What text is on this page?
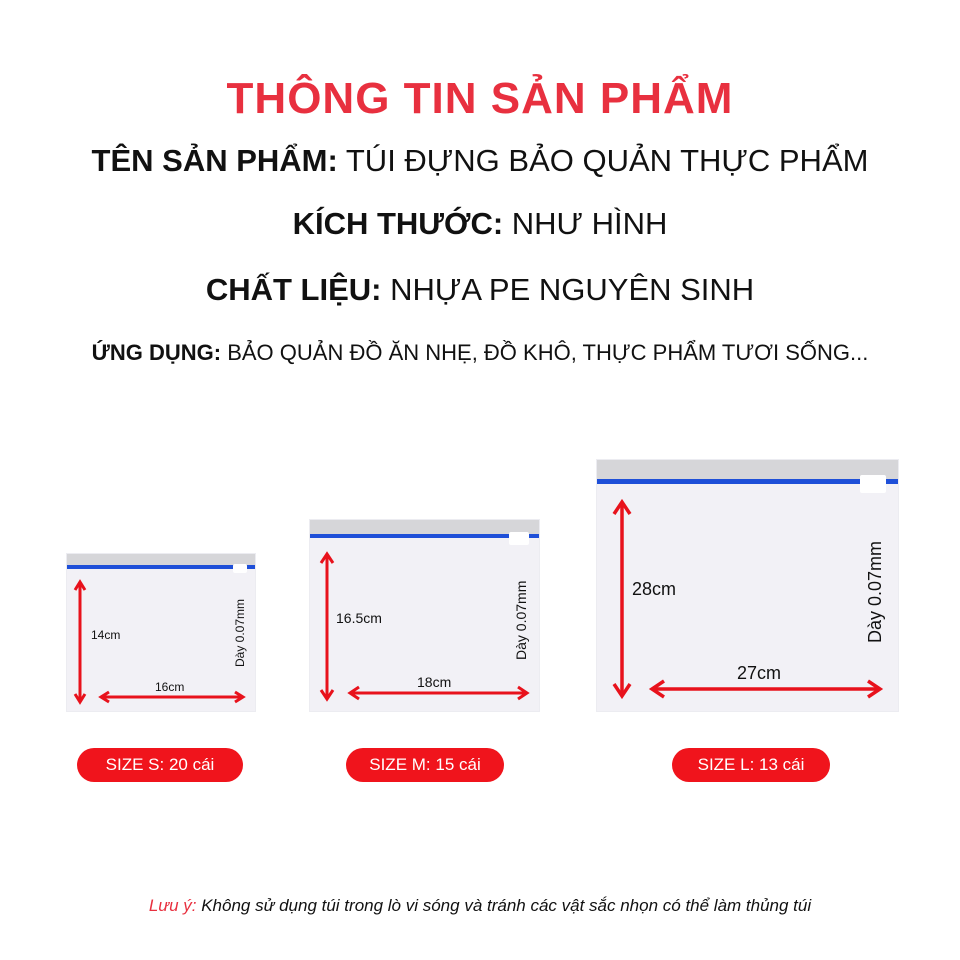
THÔNG TIN SẢN PHẨM
TÊN SẢN PHẨM: TÚI ĐỰNG BẢO QUẢN THỰC PHẨM
KÍCH THƯỚC: NHƯ HÌNH
CHẤT LIỆU: NHỰA PE NGUYÊN SINH
ỨNG DỤNG: BẢO QUẢN ĐỒ ĂN NHẸ, ĐỒ KHÔ, THỰC PHẨM TƯƠI SỐNG...
14cm
16cm
Dày 0.07mm
SIZE S: 20 cái
16.5cm
18cm
Dày 0.07mm
SIZE M: 15 cái
28cm
27cm
Dày 0.07mm
SIZE L: 13 cái
Lưu ý: Không sử dụng túi trong lò vi sóng và tránh các vật sắc nhọn có thể làm thủng túi
